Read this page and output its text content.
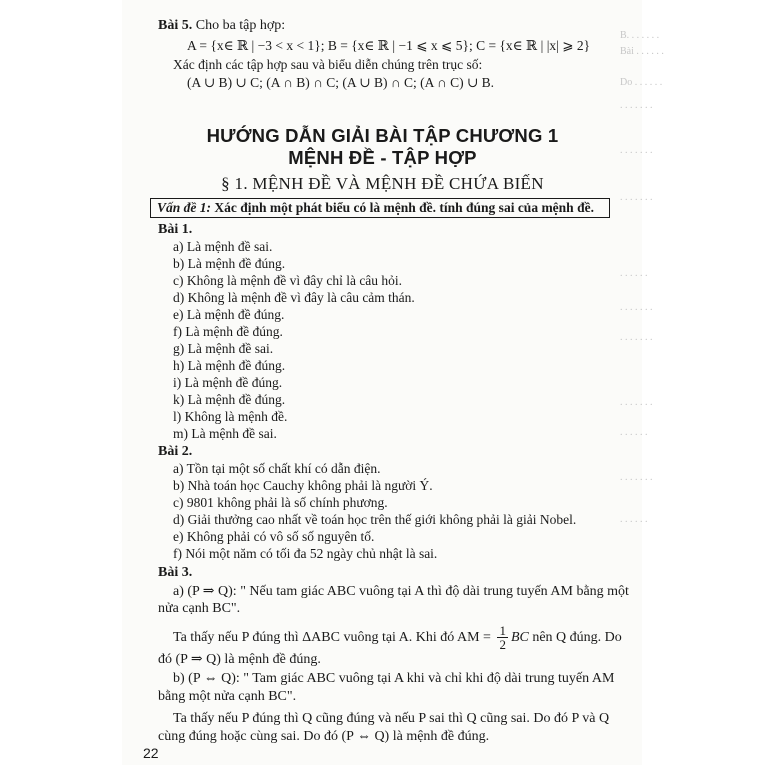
B. . . . . . .
Bài . . . . . .
Do . . . . . .
. . . . . . .
. . . . . . .
. . . . . . .
. . . . . .
. . . . . . .
. . . . . . .
. . . . . . .
. . . . . .
. . . . . . .
. . . . . .
Bài 5. Cho ba tập hợp:
A = {x∈ ℝ | −3 < x < 1}; B = {x∈ ℝ | −1 ⩽ x ⩽ 5}; C = {x∈ ℝ | |x| ⩾ 2}
Xác định các tập hợp sau và biểu diễn chúng trên trục số:
(A ∪ B) ∪ C; (A ∩ B) ∩ C; (A ∪ B) ∩ C; (A ∩ C) ∪ B.
HƯỚNG DẪN GIẢI BÀI TẬP CHƯƠNG 1
MỆNH ĐỀ - TẬP HỢP
§ 1. MỆNH ĐỀ VÀ MỆNH ĐỀ CHỨA BIẾN
Vấn đề 1: Xác định một phát biểu có là mệnh đề. tính đúng sai của mệnh đề.
Bài 1.
a) Là mệnh đề sai.
b) Là mệnh đề đúng.
c) Không là mệnh đề vì đây chỉ là câu hỏi.
d) Không là mệnh đề vì đây là câu cảm thán.
e) Là mệnh đề đúng.
f) Là mệnh đề đúng.
g) Là mệnh đề sai.
h) Là mệnh đề đúng.
i) Là mệnh đề đúng.
k) Là mệnh đề đúng.
l) Không là mệnh đề.
m) Là mệnh đề sai.
Bài 2.
a) Tồn tại một số chất khí có dẫn điện.
b) Nhà toán học Cauchy không phải là người Ý.
c) 9801 không phải là số chính phương.
d) Giải thưởng cao nhất về toán học trên thế giới không phải là giải Nobel.
e) Không phải có vô số số nguyên tố.
f) Nói một năm có tối đa 52 ngày chủ nhật là sai.
Bài 3.
a) (P ⇒ Q): " Nếu tam giác ABC vuông tại A thì độ dài trung tuyến AM bằng một
nửa cạnh BC".
Ta thấy nếu P đúng thì ΔABC vuông tại A. Khi đó AM = $\frac{1}{2}$ BC nên Q đúng. Do
đó (P ⇒ Q) là mệnh đề đúng.
b) (P ⇔ Q): " Tam giác ABC vuông tại A khi và chỉ khi độ dài trung tuyến AM
bằng một nửa cạnh BC".
Ta thấy nếu P đúng thì Q cũng đúng và nếu P sai thì Q cũng sai. Do đó P và Q
cùng đúng hoặc cùng sai. Do đó (P ⇔ Q) là mệnh đề đúng.
22
